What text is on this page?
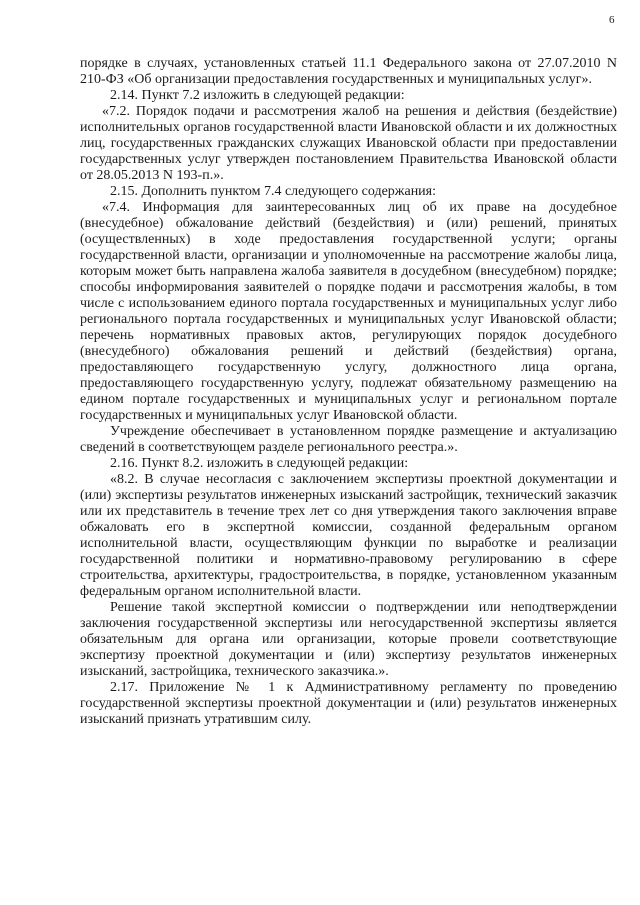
6

порядке в случаях, установленных статьей 11.1 Федерального закона от 27.07.2010 N 210-ФЗ «Об организации предоставления государственных и муниципальных услуг».

2.14. Пункт 7.2 изложить в следующей редакции:

«7.2. Порядок подачи и рассмотрения жалоб на решения и действия (бездействие) исполнительных органов государственной власти Ивановской области и их должностных лиц, государственных гражданских служащих Ивановской области при предоставлении государственных услуг утвержден постановлением Правительства Ивановской области от 28.05.2013 N 193-п.».

2.15. Дополнить пунктом 7.4 следующего содержания:

«7.4. Информация для заинтересованных лиц об их праве на досудебное (внесудебное) обжалование действий (бездействия) и (или) решений, принятых (осуществленных) в ходе предоставления государственной услуги; органы государственной власти, организации и уполномоченные на рассмотрение жалобы лица, которым может быть направлена жалоба заявителя в досудебном (внесудебном) порядке; способы информирования заявителей о порядке подачи и рассмотрения жалобы, в том числе с использованием единого портала государственных и муниципальных услуг либо регионального портала государственных и муниципальных услуг Ивановской области; перечень нормативных правовых актов, регулирующих порядок досудебного (внесудебного) обжалования решений и действий (бездействия) органа, предоставляющего государственную услугу, должностного лица органа, предоставляющего государственную услугу, подлежат обязательному размещению на едином портале государственных и муниципальных услуг и региональном портале государственных и муниципальных услуг Ивановской области.

Учреждение обеспечивает в установленном порядке размещение и актуализацию сведений в соответствующем разделе регионального реестра.».

2.16. Пункт 8.2. изложить в следующей редакции:

«8.2. В случае несогласия с заключением экспертизы проектной документации и (или) экспертизы результатов инженерных изысканий застройщик, технический заказчик или их представитель в течение трех лет со дня утверждения такого заключения вправе обжаловать его в экспертной комиссии, созданной федеральным органом исполнительной власти, осуществляющим функции по выработке и реализации государственной политики и нормативно-правовому регулированию в сфере строительства, архитектуры, градостроительства, в порядке, установленном указанным федеральным органом исполнительной власти.

Решение такой экспертной комиссии о подтверждении или неподтверждении заключения государственной экспертизы или негосударственной экспертизы является обязательным для органа или организации, которые провели соответствующие экспертизу проектной документации и (или) экспертизу результатов инженерных изысканий, застройщика, технического заказчика.».

2.17. Приложение № 1 к Административному регламенту по проведению государственной экспертизы проектной документации и (или) результатов инженерных изысканий признать утратившим силу.
